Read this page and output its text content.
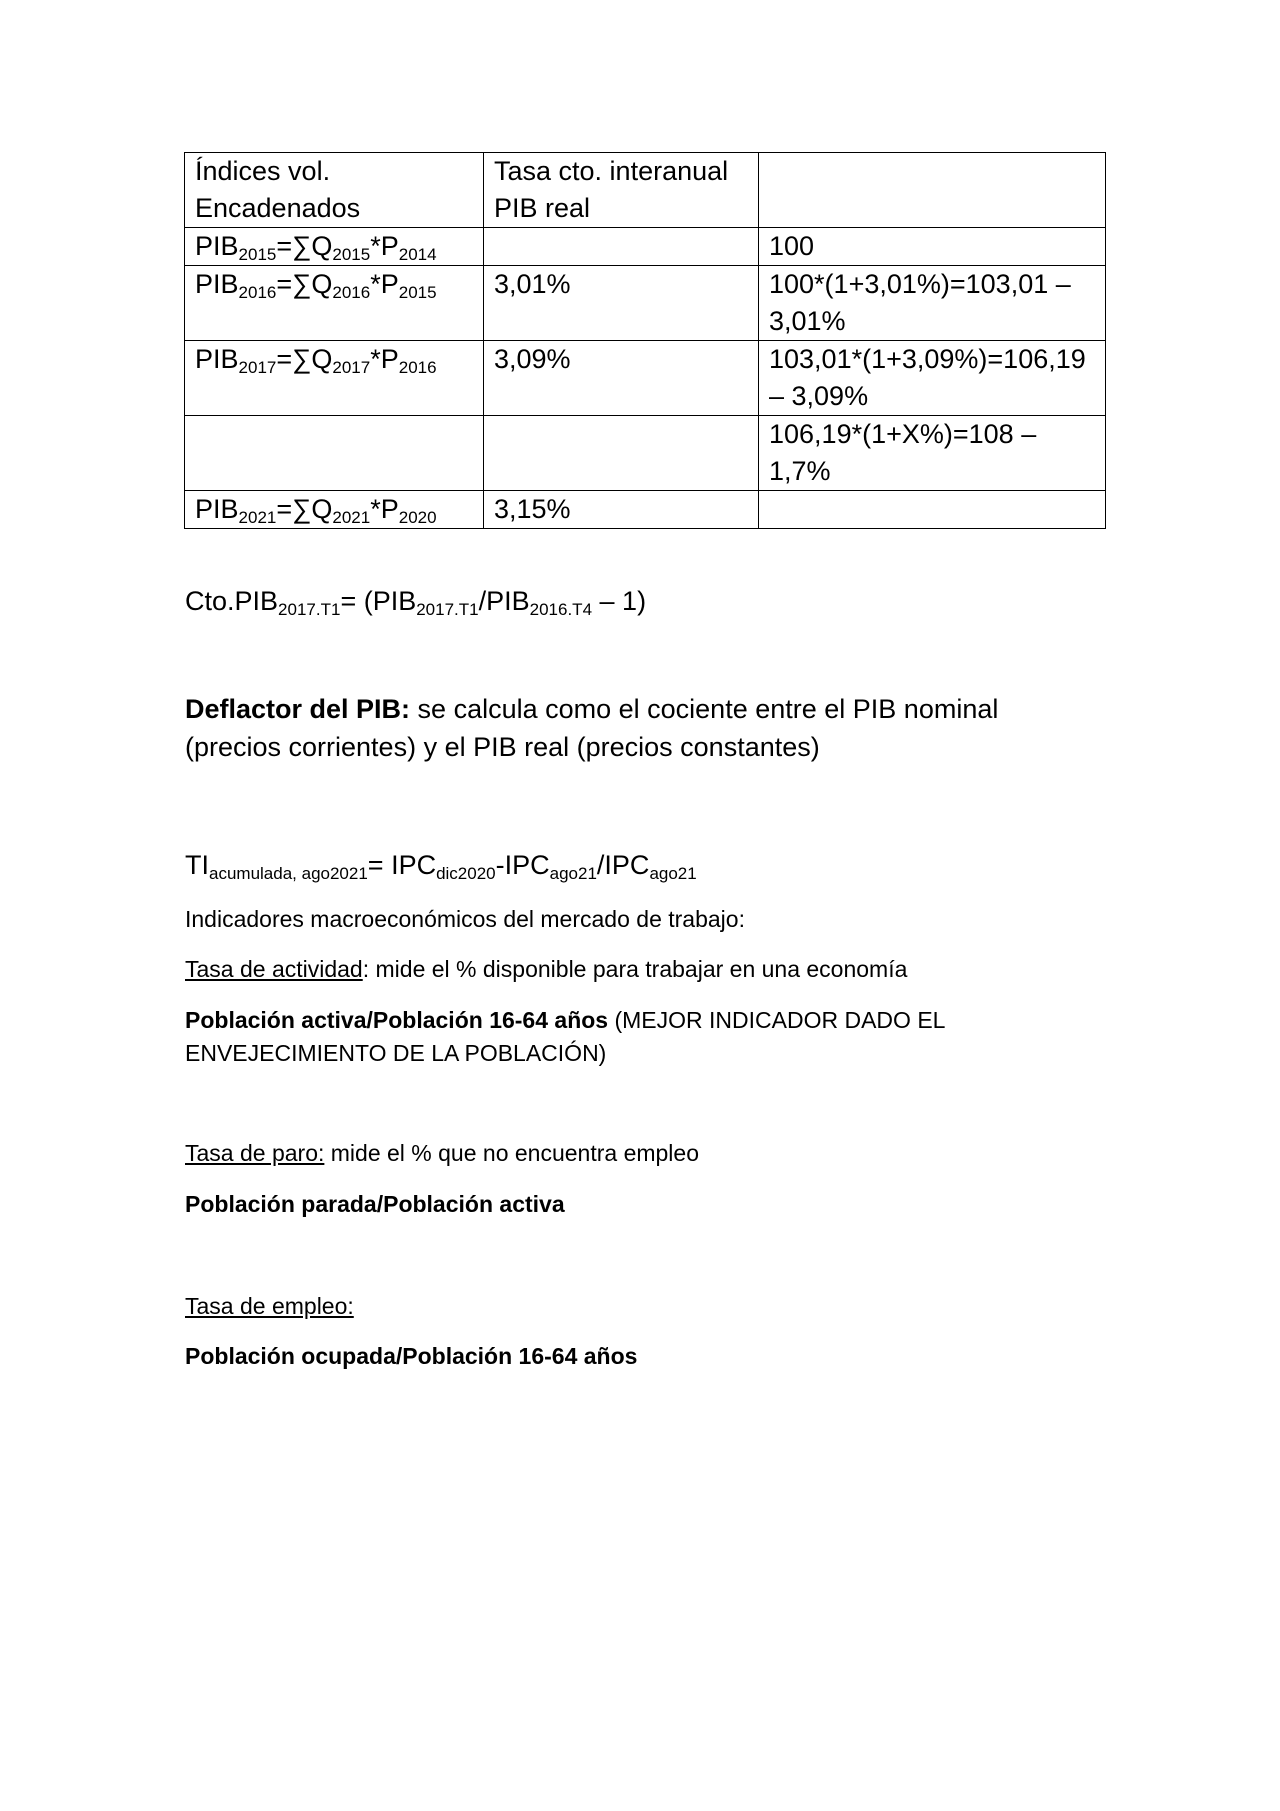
Índices vol. Encadenados	Tasa cto. interanual PIB real	
$PIB_{2015}=\sum Q_{2015}*P_{2014}$		100
$PIB_{2016}=\sum Q_{2016}*P_{2015}$	3,01%	100*(1+3,01%)=103,01 – 3,01%
$PIB_{2017}=\sum Q_{2017}*P_{2016}$	3,09%	103,01*(1+3,09%)=106,19 – 3,09%
		106,19*(1+X%)=108 – 1,7%
$PIB_{2021}=\sum Q_{2021}*P_{2020}$	3,15%	
$Cto.PIB_{2017.T1}= (PIB_{2017.T1}/PIB_{2016.T4} - 1)$
Deflactor del PIB: se calcula como el cociente entre el PIB nominal (precios corrientes) y el PIB real (precios constantes)
$TI_{acumulada, ago2021}= IPC_{dic2020}-IPC_{ago21}/IPC_{ago21}$
Indicadores macroeconómicos del mercado de trabajo:
Tasa de actividad: mide el % disponible para trabajar en una economía
Población activa/Población 16-64 años (MEJOR INDICADOR DADO EL ENVEJECIMIENTO DE LA POBLACIÓN)
Tasa de paro: mide el % que no encuentra empleo
Población parada/Población activa
Tasa de empleo:
Población ocupada/Población 16-64 años
